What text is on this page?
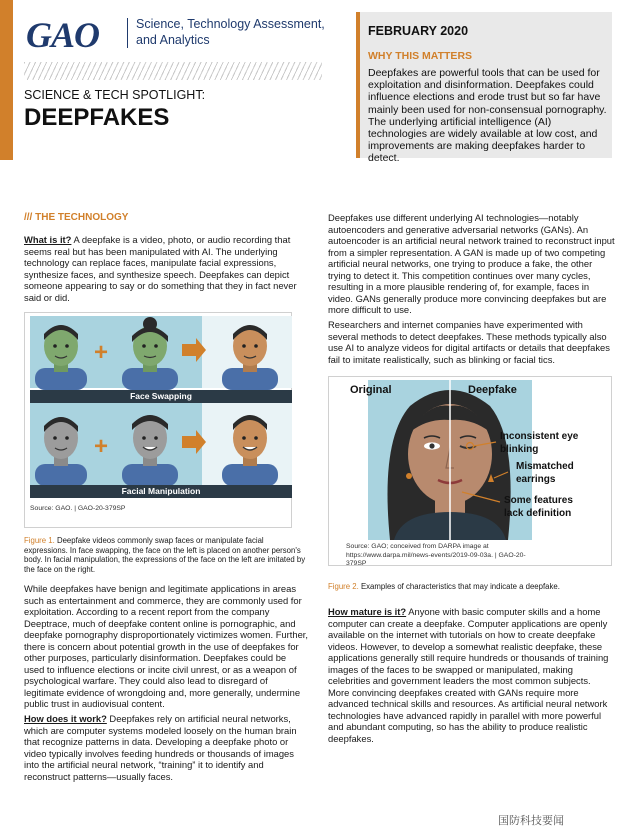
GAO	Science, Technology Assessment, and Analytics
SCIENCE & TECH SPOTLIGHT:
DEEPFAKES
FEBRUARY 2020
WHY THIS MATTERS
Deepfakes are powerful tools that can be used for exploitation and disinformation. Deepfakes could influence elections and erode trust but so far have mainly been used for non-consensual pornography. The underlying artificial intelligence (AI) technologies are widely available at low cost, and improvements are making deepfakes harder to detect.
/// THE TECHNOLOGY
What is it? A deepfake is a video, photo, or audio recording that seems real but has been manipulated with AI. The underlying technology can replace faces, manipulate facial expressions, synthesize faces, and synthesize speech. Deepfakes can depict someone appearing to say or do something that they in fact never said or did.
+
+
Face Swapping
Facial Manipulation
Source: GAO. | GAO-20-379SP
Figure 1. Deepfake videos commonly swap faces or manipulate facial expressions. In face swapping, the face on the left is placed on another person's body. In facial manipulation, the expressions of the face on the left are imitated by the face on the right.
While deepfakes have benign and legitimate applications in areas such as entertainment and commerce, they are commonly used for exploitation. According to a recent report from the company Deeptrace, much of deepfake content online is pornographic, and deepfake pornography disproportionately victimizes women. Further, there is concern about potential growth in the use of deepfakes for other purposes, particularly disinformation. Deepfakes could be used to influence elections or incite civil unrest, or as a weapon of psychological warfare. They could also lead to disregard of legitimate evidence of wrongdoing and, more generally, undermine public trust in audiovisual content.
How does it work? Deepfakes rely on artificial neural networks, which are computer systems modeled loosely on the human brain that recognize patterns in data. Developing a deepfake photo or video typically involves feeding hundreds or thousands of images into the artificial neural network, “training” it to identify and reconstruct patterns—usually faces.
Deepfakes use different underlying AI technologies—notably autoencoders and generative adversarial networks (GANs). An autoencoder is an artificial neural network trained to reconstruct input from a simpler representation. A GAN is made up of two competing artificial neural networks, one trying to produce a fake, the other trying to detect it. This competition continues over many cycles, resulting in a more plausible rendering of, for example, faces in video. GANs generally produce more convincing deepfakes but are more difficult to use.
Researchers and internet companies have experimented with several methods to detect deepfakes. These methods typically also use AI to analyze videos for digital artifacts or details that deepfakes fail to imitate realistically, such as blinking or facial tics.
Original	Deepfake
Inconsistent eye blinking
Mismatched earrings
Some features lack definition
Source: GAO; conceived from DARPA image at https://www.darpa.mil/news-events/2019-09-03a. | GAO-20-379SP
Figure 2. Examples of characteristics that may indicate a deepfake.
How mature is it? Anyone with basic computer skills and a home computer can create a deepfake. Computer applications are openly available on the internet with tutorials on how to create deepfake videos. However, to develop a somewhat realistic deepfake, these applications generally still require hundreds or thousands of training images of the faces to be swapped or manipulated, making celebrities and government leaders the most common subjects. More convincing deepfakes created with GANs require more advanced technical skills and resources. As artificial neural network technologies have advanced rapidly in parallel with more powerful and abundant computing, so has the ability to produce realistic deepfakes.
国防科技要闻
